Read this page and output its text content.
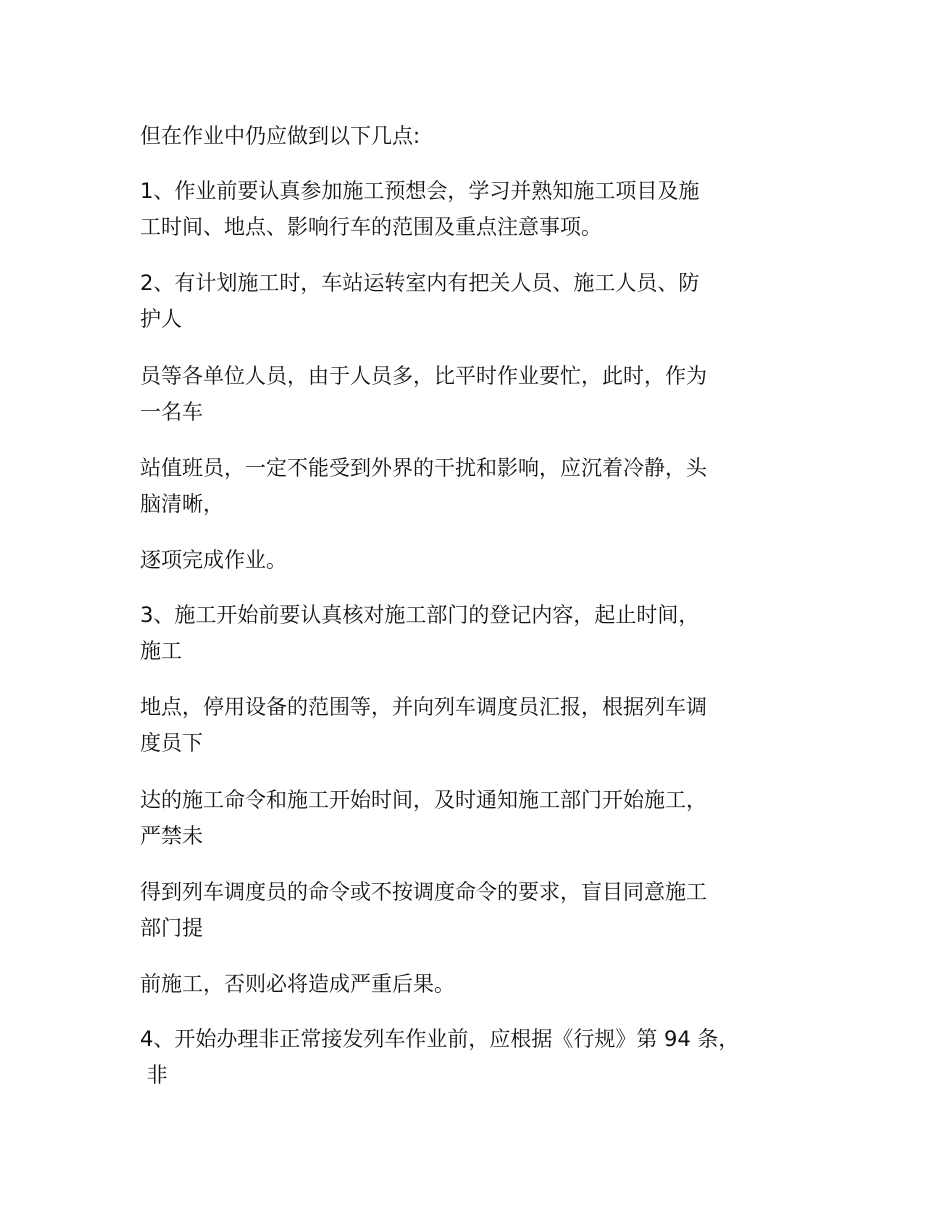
但在作业中仍应做到以下几点:

1、作业前要认真参加施工预想会，学习并熟知施工项目及施
工时间、地点、影响行车的范围及重点注意事项。

2、有计划施工时，车站运转室内有把关人员、施工人员、防
护人

员等各单位人员，由于人员多，比平时作业要忙，此时，作为
一名车

站值班员，一定不能受到外界的干扰和影响，应沉着冷静，头
脑清晰，

逐项完成作业。

3、施工开始前要认真核对施工部门的登记内容，起止时间，
施工

地点，停用设备的范围等，并向列车调度员汇报，根据列车调
度员下

达的施工命令和施工开始时间，及时通知施工部门开始施工，
严禁未

得到列车调度员的命令或不按调度命令的要求，盲目同意施工
部门提

前施工，否则必将造成严重后果。

4、开始办理非正常接发列车作业前，应根据《行规》第 94 条，
非
